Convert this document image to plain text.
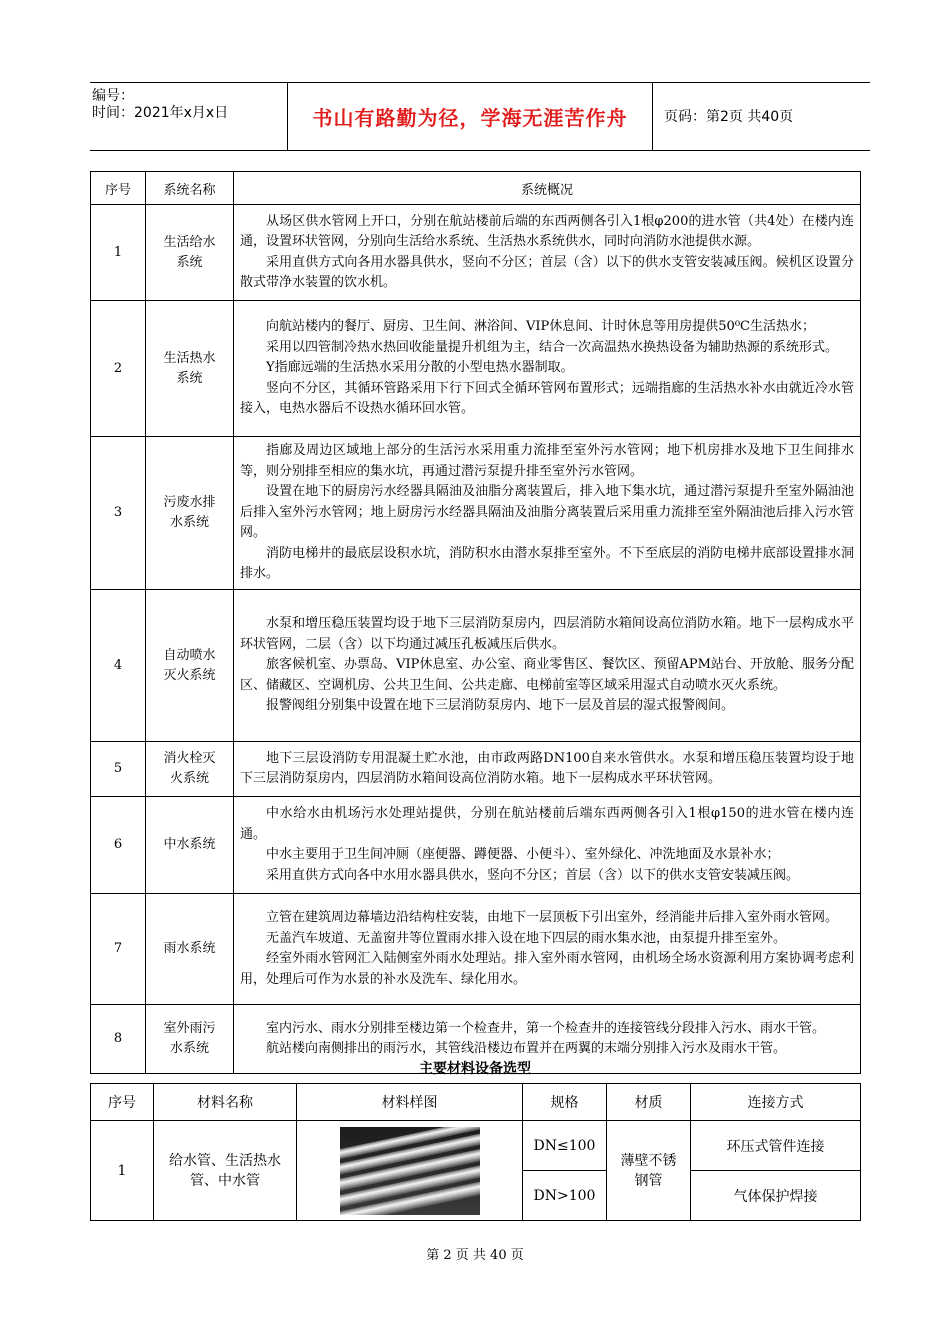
编号：
时间：2021年x月x日	书山有路勤为径，学海无涯苦作舟	页码：第2页 共40页
序号	系统名称	系统概况
1	生活给水系统	从场区供水管网上开口，分别在航站楼前后端的东西两侧各引入1根φ200的进水管（共4处）在楼内连通，设置环状管网，分别向生活给水系统、生活热水系统供水，同时向消防水池提供水源。

采用直供方式向各用水器具供水，竖向不分区；首层（含）以下的供水支管安装减压阀。候机区设置分散式带净水装置的饮水机。

2	生活热水系统	向航站楼内的餐厅、厨房、卫生间、淋浴间、VIP休息间、计时休息等用房提供50⁰C生活热水；

采用以四管制冷热水热回收能量提升机组为主，结合一次高温热水换热设备为辅助热源的系统形式。

Y指廊远端的生活热水采用分散的小型电热水器制取。

竖向不分区，其循环管路采用下行下回式全循环管网布置形式；远端指廊的生活热水补水由就近冷水管接入，电热水器后不设热水循环回水管。

3	污废水排水系统	指廊及周边区域地上部分的生活污水采用重力流排至室外污水管网；地下机房排水及地下卫生间排水等，则分别排至相应的集水坑，再通过潜污泵提升排至室外污水管网。

设置在地下的厨房污水经器具隔油及油脂分离装置后，排入地下集水坑，通过潜污泵提升至室外隔油池后排入室外污水管网；地上厨房污水经器具隔油及油脂分离装置后采用重力流排至室外隔油池后排入污水管网。

消防电梯井的最底层设积水坑，消防积水由潜水泵排至室外。不下至底层的消防电梯井底部设置排水洞排水。

4	自动喷水灭火系统	水泵和增压稳压装置均设于地下三层消防泵房内，四层消防水箱间设高位消防水箱。地下一层构成水平环状管网，二层（含）以下均通过减压孔板减压后供水。

旅客候机室、办票岛、VIP休息室、办公室、商业零售区、餐饮区、预留APM站台、开放舱、服务分配区、储藏区、空调机房、公共卫生间、公共走廊、电梯前室等区域采用湿式自动喷水灭火系统。

报警阀组分别集中设置在地下三层消防泵房内、地下一层及首层的湿式报警阀间。

5	消火栓灭火系统	地下三层设消防专用混凝土贮水池，由市政两路DN100自来水管供水。水泵和增压稳压装置均设于地下三层消防泵房内，四层消防水箱间设高位消防水箱。地下一层构成水平环状管网。

6	中水系统	中水给水由机场污水处理站提供，分别在航站楼前后端东西两侧各引入1根φ150的进水管在楼内连通。

中水主要用于卫生间冲厕（座便器、蹲便器、小便斗）、室外绿化、冲洗地面及水景补水；

采用直供方式向各中水用水器具供水，竖向不分区；首层（含）以下的供水支管安装减压阀。

7	雨水系统	立管在建筑周边幕墙边沿结构柱安装，由地下一层顶板下引出室外，经消能井后排入室外雨水管网。

无盖汽车坡道、无盖窗井等位置雨水排入设在地下四层的雨水集水池，由泵提升排至室外。

经室外雨水管网汇入陆侧室外雨水处理站。排入室外雨水管网，由机场全场水资源利用方案协调考虑利用，处理后可作为水景的补水及洗车、绿化用水。

8	室外雨污水系统	室内污水、雨水分别排至楼边第一个检查井，第一个检查井的连接管线分段排入污水、雨水干管。

航站楼向南侧排出的雨污水，其管线沿楼边布置并在两翼的末端分别排入污水及雨水干管。

主要材料设备选型
序号	材料名称	材料样图	规格	材质	连接方式
1	给水管、生活热水管、中水管		DN≤100	薄壁不锈钢管	环压式管件连接
			DN>100		气体保护焊接
第 2 页 共 40 页
